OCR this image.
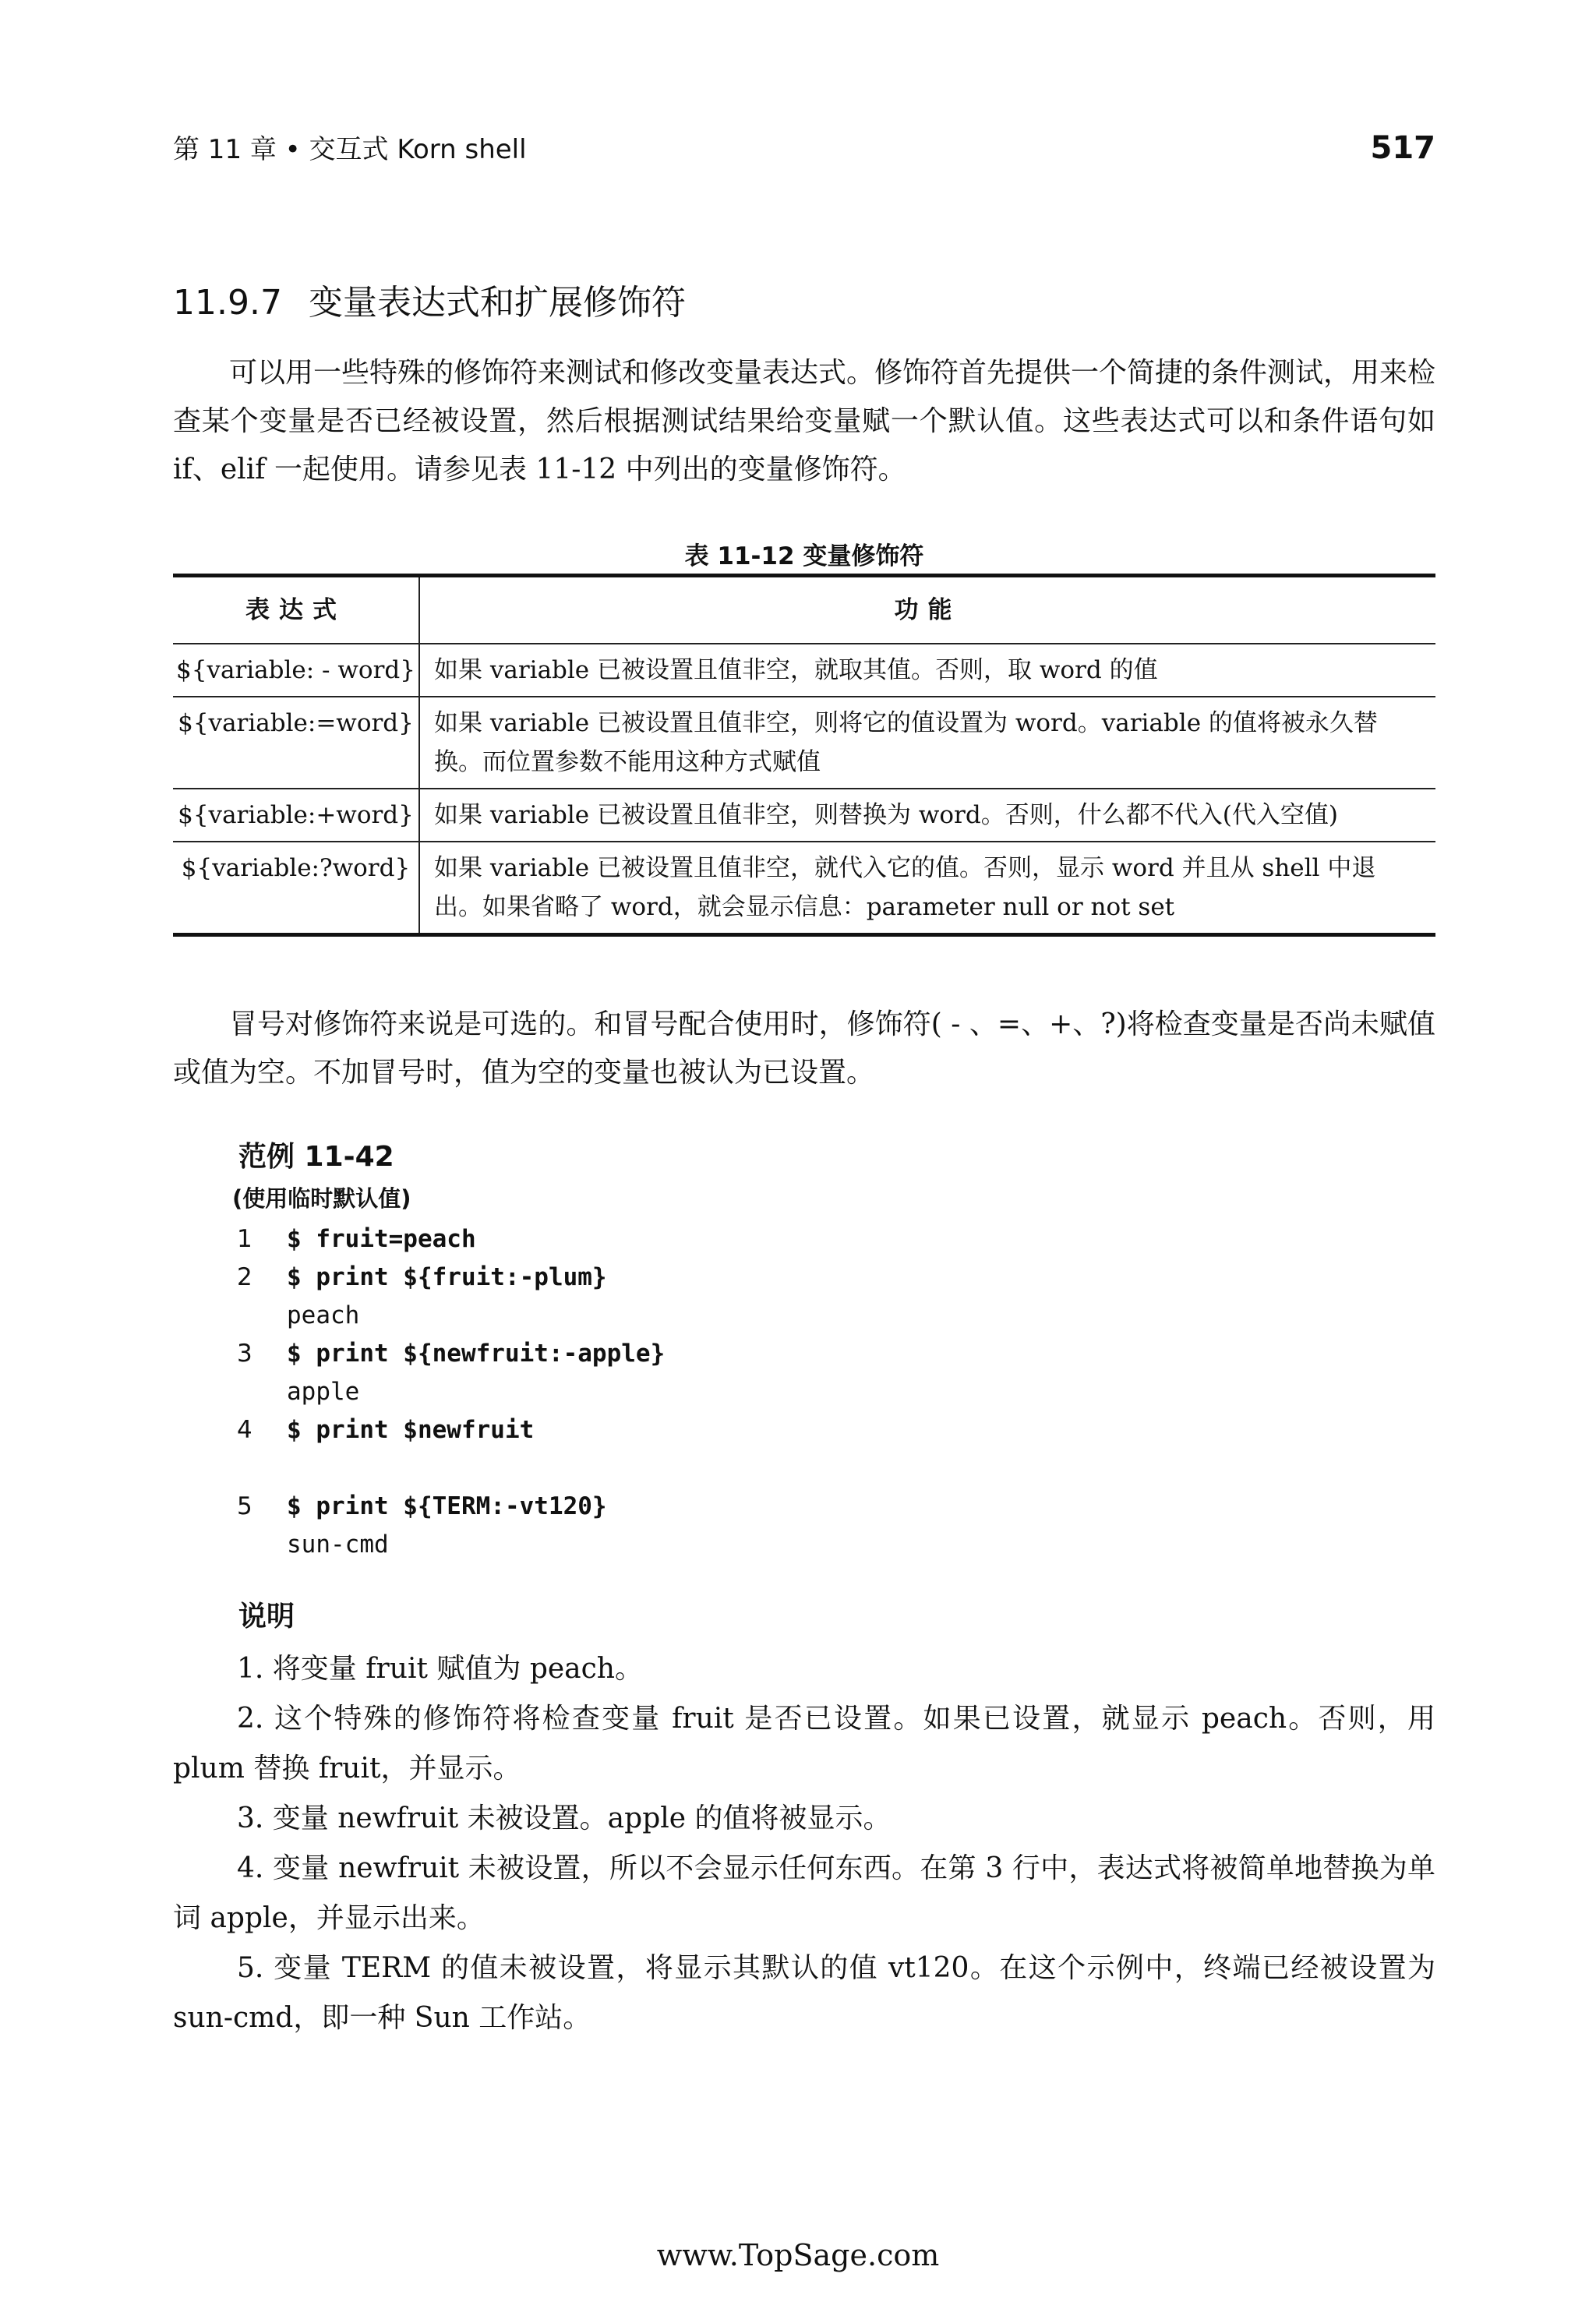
第 11 章 • 交互式 Korn shell	517
11.9.7 变量表达式和扩展修饰符

可以用一些特殊的修饰符来测试和修改变量表达式。修饰符首先提供一个简捷的条件测试，用来检查某个变量是否已经被设置，然后根据测试结果给变量赋一个默认值。这些表达式可以和条件语句如 if、elif 一起使用。请参见表 11-12 中列出的变量修饰符。

表 11-12 变量修饰符
表达式	功能
${variable: - word}	如果 variable 已被设置且值非空，就取其值。否则，取 word 的值
${variable:=word}	如果 variable 已被设置且值非空，则将它的值设置为 word。variable 的值将被永久替换。而位置参数不能用这种方式赋值
${variable:+word}	如果 variable 已被设置且值非空，则替换为 word。否则，什么都不代入(代入空值)
${variable:?word}	如果 variable 已被设置且值非空，就代入它的值。否则，显示 word 并且从 shell 中退出。如果省略了 word，就会显示信息：parameter null or not set

冒号对修饰符来说是可选的。和冒号配合使用时，修饰符( - 、=、+、?)将检查变量是否尚未赋值或值为空。不加冒号时，值为空的变量也被认为已设置。

范例 11-42
(使用临时默认值)
1	$ fruit=peach
2	$ print ${fruit:-plum}
peach
3	$ print ${newfruit:-apple}
apple
4	$ print $newfruit
5	$ print ${TERM:-vt120}
sun-cmd
说明

1. 将变量 fruit 赋值为 peach。

2. 这个特殊的修饰符将检查变量 fruit 是否已设置。如果已设置，就显示 peach。否则，用 plum 替换 fruit，并显示。

3. 变量 newfruit 未被设置。apple 的值将被显示。

4. 变量 newfruit 未被设置，所以不会显示任何东西。在第 3 行中，表达式将被简单地替换为单词 apple，并显示出来。

5. 变量 TERM 的值未被设置，将显示其默认的值 vt120。在这个示例中，终端已经被设置为 sun-cmd，即一种 Sun 工作站。

www.TopSage.com
